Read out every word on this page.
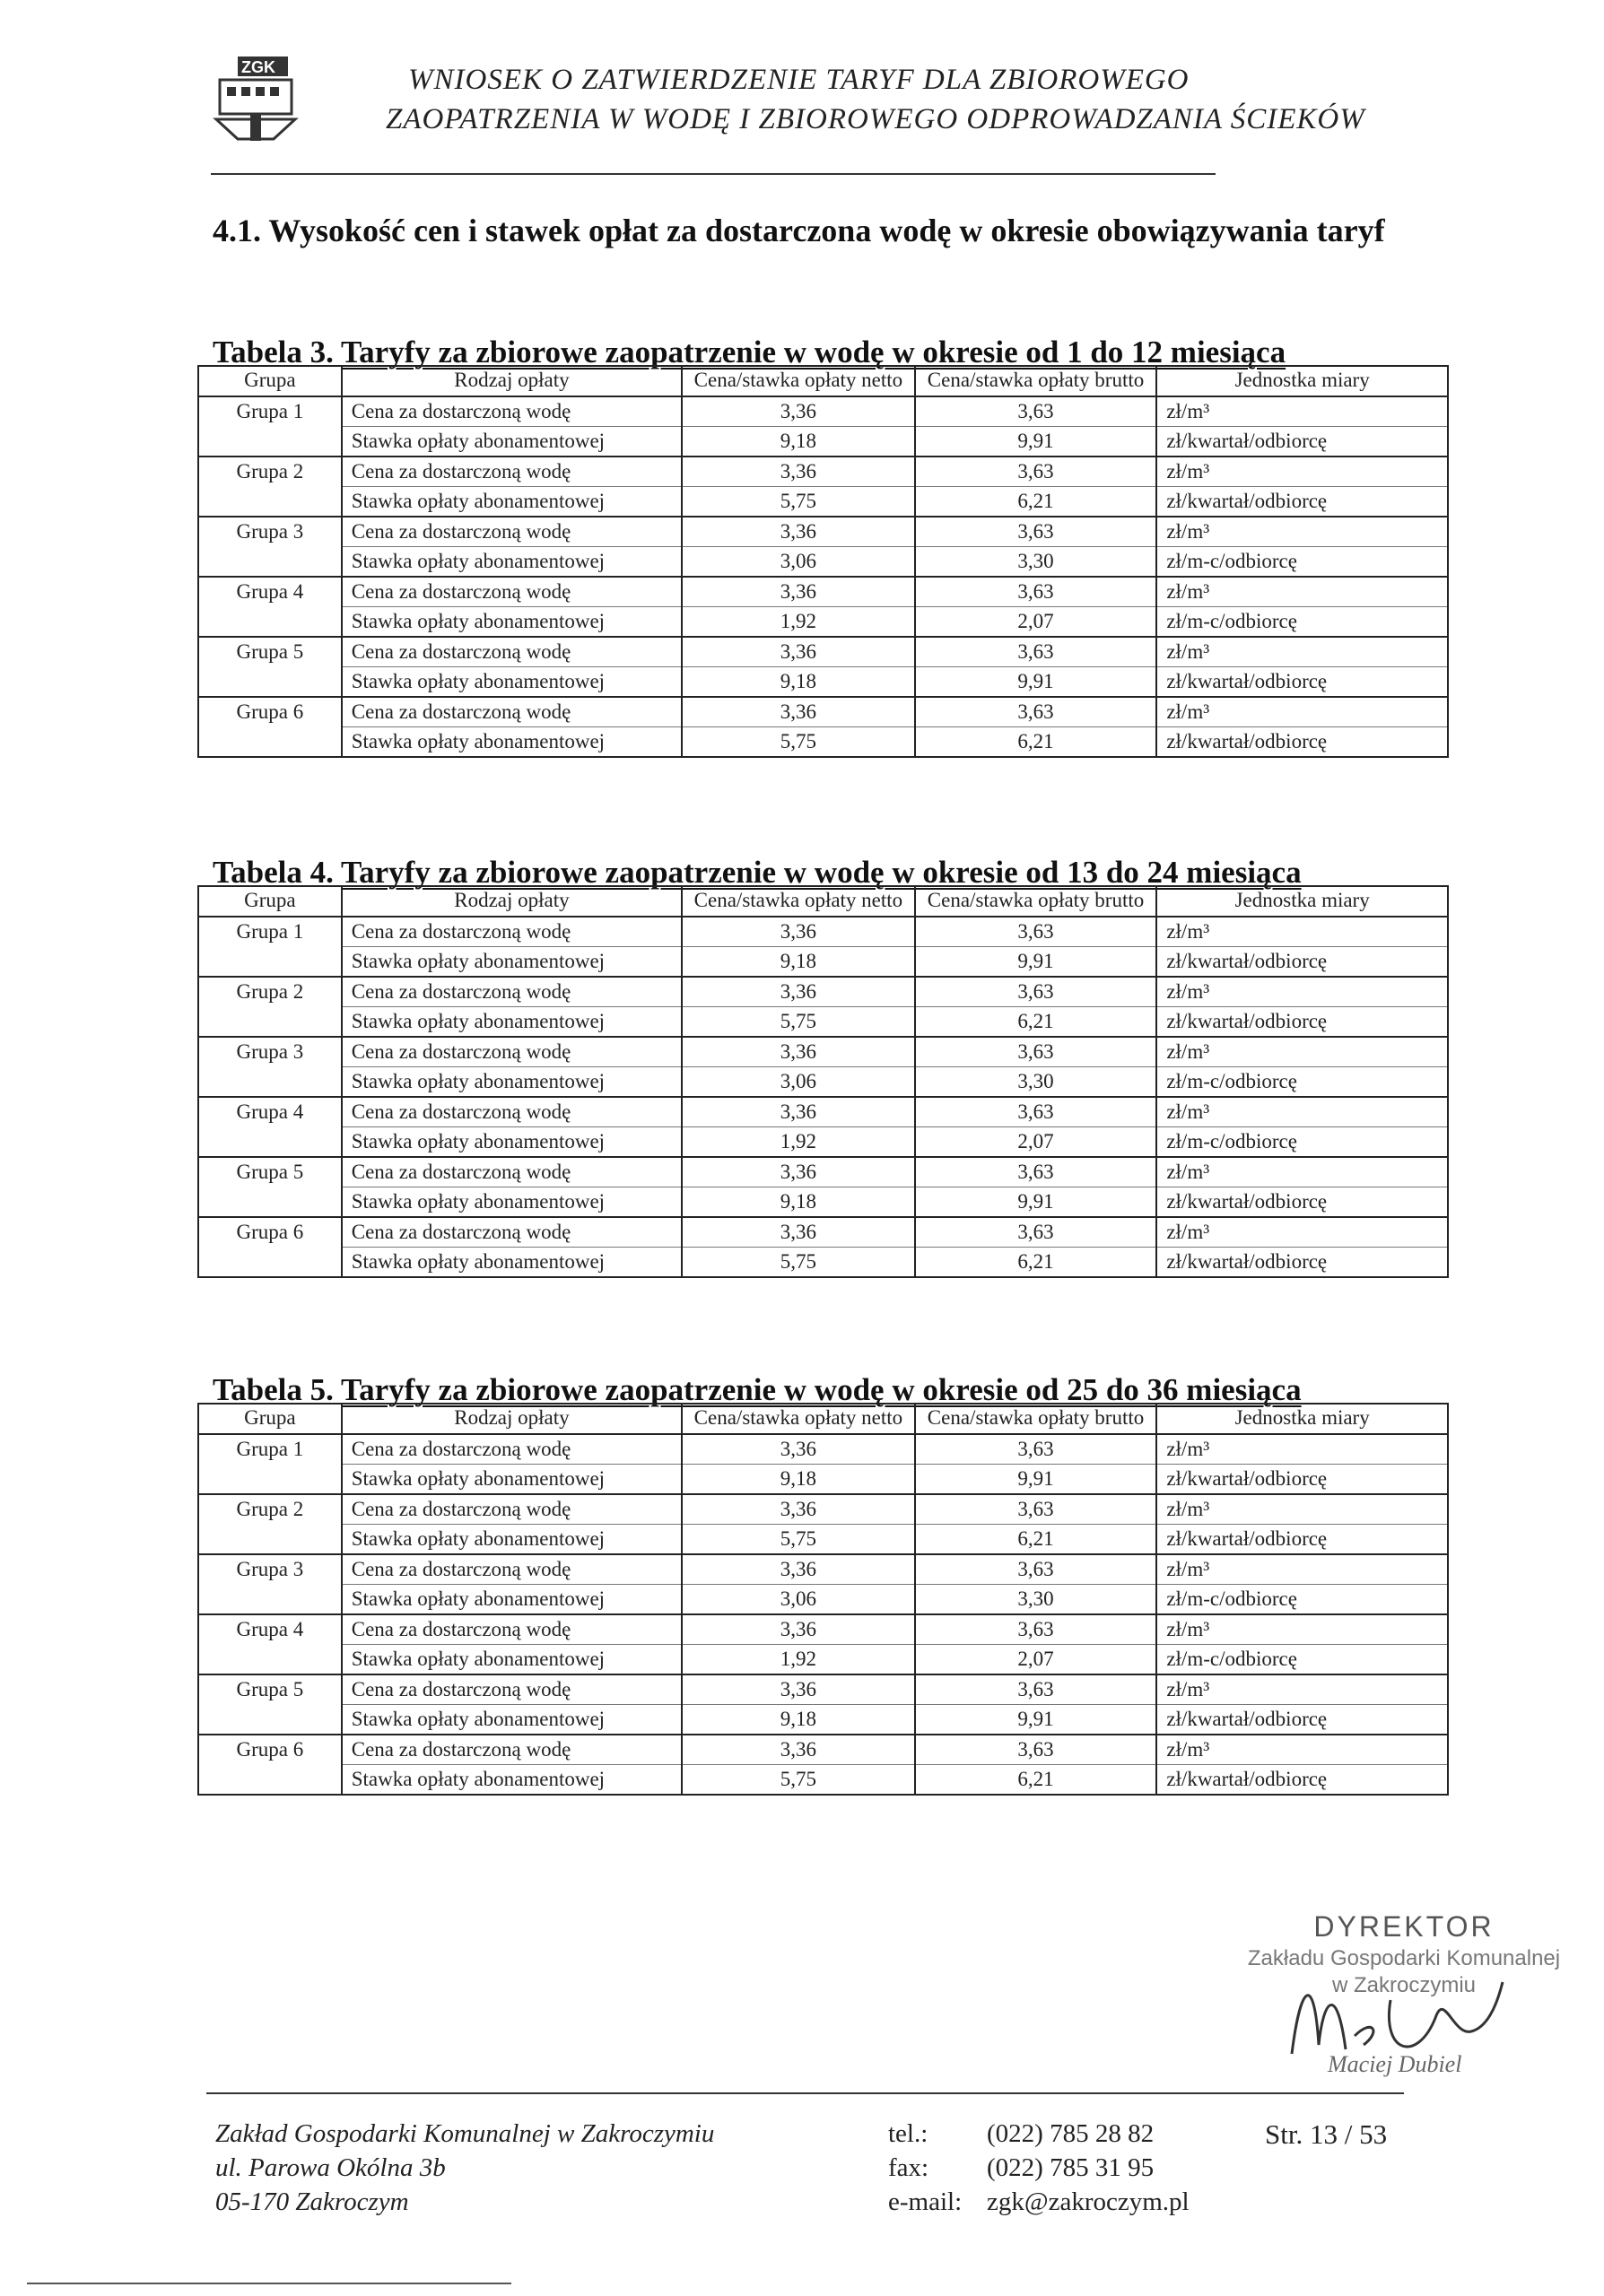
ZGK	WNIOSEK O ZATWIERDZENIE TARYF DLA ZBIOROWEGO
ZAOPATRZENIA W WODĘ I ZBIOROWEGO ODPROWADZANIA ŚCIEKÓW
4.1. Wysokość cen i stawek opłat za dostarczona wodę w okresie obowiązywania taryf
Tabela 3. Taryfy za zbiorowe zaopatrzenie w wodę w okresie od 1 do 12 miesiąca
Grupa	Rodzaj opłaty	Cena/stawka opłaty netto	Cena/stawka opłaty brutto	Jednostka miary
Grupa 1	Cena za dostarczoną wodę	3,36	3,63	zł/m³
	Stawka opłaty abonamentowej	9,18	9,91	zł/kwartał/odbiorcę
Grupa 2	Cena za dostarczoną wodę	3,36	3,63	zł/m³
	Stawka opłaty abonamentowej	5,75	6,21	zł/kwartał/odbiorcę
Grupa 3	Cena za dostarczoną wodę	3,36	3,63	zł/m³
	Stawka opłaty abonamentowej	3,06	3,30	zł/m-c/odbiorcę
Grupa 4	Cena za dostarczoną wodę	3,36	3,63	zł/m³
	Stawka opłaty abonamentowej	1,92	2,07	zł/m-c/odbiorcę
Grupa 5	Cena za dostarczoną wodę	3,36	3,63	zł/m³
	Stawka opłaty abonamentowej	9,18	9,91	zł/kwartał/odbiorcę
Grupa 6	Cena za dostarczoną wodę	3,36	3,63	zł/m³
	Stawka opłaty abonamentowej	5,75	6,21	zł/kwartał/odbiorcę
Tabela 4. Taryfy za zbiorowe zaopatrzenie w wodę w okresie od 13 do 24 miesiąca
Grupa	Rodzaj opłaty	Cena/stawka opłaty netto	Cena/stawka opłaty brutto	Jednostka miary
Grupa 1	Cena za dostarczoną wodę	3,36	3,63	zł/m³
	Stawka opłaty abonamentowej	9,18	9,91	zł/kwartał/odbiorcę
Grupa 2	Cena za dostarczoną wodę	3,36	3,63	zł/m³
	Stawka opłaty abonamentowej	5,75	6,21	zł/kwartał/odbiorcę
Grupa 3	Cena za dostarczoną wodę	3,36	3,63	zł/m³
	Stawka opłaty abonamentowej	3,06	3,30	zł/m-c/odbiorcę
Grupa 4	Cena za dostarczoną wodę	3,36	3,63	zł/m³
	Stawka opłaty abonamentowej	1,92	2,07	zł/m-c/odbiorcę
Grupa 5	Cena za dostarczoną wodę	3,36	3,63	zł/m³
	Stawka opłaty abonamentowej	9,18	9,91	zł/kwartał/odbiorcę
Grupa 6	Cena za dostarczoną wodę	3,36	3,63	zł/m³
	Stawka opłaty abonamentowej	5,75	6,21	zł/kwartał/odbiorcę
Tabela 5. Taryfy za zbiorowe zaopatrzenie w wodę w okresie od 25 do 36 miesiąca
Grupa	Rodzaj opłaty	Cena/stawka opłaty netto	Cena/stawka opłaty brutto	Jednostka miary
Grupa 1	Cena za dostarczoną wodę	3,36	3,63	zł/m³
	Stawka opłaty abonamentowej	9,18	9,91	zł/kwartał/odbiorcę
Grupa 2	Cena za dostarczoną wodę	3,36	3,63	zł/m³
	Stawka opłaty abonamentowej	5,75	6,21	zł/kwartał/odbiorcę
Grupa 3	Cena za dostarczoną wodę	3,36	3,63	zł/m³
	Stawka opłaty abonamentowej	3,06	3,30	zł/m-c/odbiorcę
Grupa 4	Cena za dostarczoną wodę	3,36	3,63	zł/m³
	Stawka opłaty abonamentowej	1,92	2,07	zł/m-c/odbiorcę
Grupa 5	Cena za dostarczoną wodę	3,36	3,63	zł/m³
	Stawka opłaty abonamentowej	9,18	9,91	zł/kwartał/odbiorcę
Grupa 6	Cena za dostarczoną wodę	3,36	3,63	zł/m³
	Stawka opłaty abonamentowej	5,75	6,21	zł/kwartał/odbiorcę
DYREKTOR
Zakładu Gospodarki Komunalnej
w Zakroczymiu
Maciej Dubiel
Zakład Gospodarki Komunalnej w Zakroczymiu
ul. Parowa Okólna 3b
05-170 Zakroczym
tel.: (022) 785 28 82
fax: (022) 785 31 95
e-mail: zgk@zakroczym.pl
Str. 13 / 53
